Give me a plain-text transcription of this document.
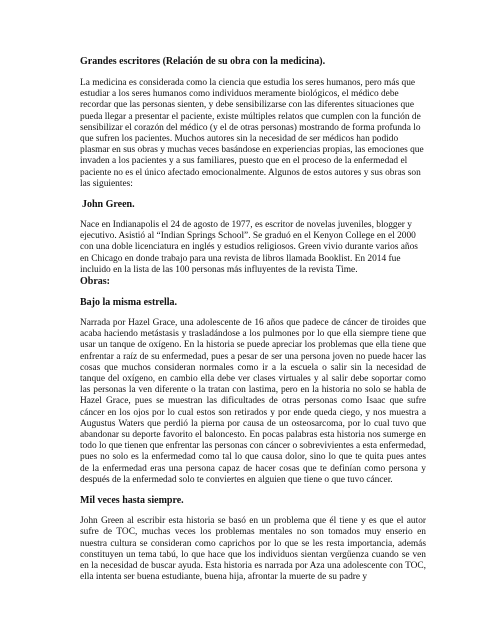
Grandes escritores (Relación de su obra con la medicina).

La medicina es considerada como la ciencia que estudia los seres humanos, pero más que estudiar a los seres humanos como individuos meramente biológicos, el médico debe recordar que las personas sienten, y debe sensibilizarse con las diferentes situaciones que pueda llegar a presentar el paciente, existe múltiples relatos que cumplen con la función de sensibilizar el corazón del médico (y el de otras personas) mostrando de forma profunda lo que sufren los pacientes. Muchos autores sin la necesidad de ser médicos han podido plasmar en sus obras y muchas veces basándose en experiencias propias, las emociones que invaden a los pacientes y a sus familiares, puesto que en el proceso de la enfermedad el paciente no es el único afectado emocionalmente. Algunos de estos autores y sus obras son las siguientes:

John Green.

Nace en Indianapolis el 24 de agosto de 1977, es escritor de novelas juveniles, blogger y ejecutivo. Asistió al “Indian Springs School”. Se graduó en el Kenyon College en el 2000 con una doble licenciatura en inglés y estudios religiosos. Green vivio durante varios años en Chicago en donde trabajo para una revista de libros llamada Booklist. En 2014 fue incluido en la lista de las 100 personas más influyentes de la revista Time.

Obras:

Bajo la misma estrella.

Narrada por Hazel Grace, una adolescente de 16 años que padece de cáncer de tiroides que acaba haciendo metástasis y trasladándose a los pulmones por lo que ella siempre tiene que usar un tanque de oxígeno. En la historia se puede apreciar los problemas que ella tiene que enfrentar a raíz de su enfermedad, pues a pesar de ser una persona joven no puede hacer las cosas que muchos consideran normales como ir a la escuela o salir sin la necesidad de tanque del oxígeno, en cambio ella debe ver clases virtuales y al salir debe soportar como las personas la ven diferente o la tratan con lastima, pero en la historia no solo se habla de Hazel Grace, pues se muestran las dificultades de otras personas como Isaac que sufre cáncer en los ojos por lo cual estos son retirados y por ende queda ciego, y nos muestra a Augustus Waters que perdió la pierna por causa de un osteosarcoma, por lo cual tuvo que abandonar su deporte favorito el baloncesto. En pocas palabras esta historia nos sumerge en todo lo que tienen que enfrentar las personas con cáncer o sobrevivientes a esta enfermedad, pues no solo es la enfermedad como tal lo que causa dolor, sino lo que te quita pues antes de la enfermedad eras una persona capaz de hacer cosas que te definían como persona y después de la enfermedad solo te conviertes en alguien que tiene o que tuvo cáncer.

Mil veces hasta siempre.

John Green al escribir esta historia se basó en un problema que él tiene y es que el autor sufre de TOC, muchas veces los problemas mentales no son tomados muy enserio en nuestra cultura se consideran como caprichos por lo que se les resta importancia, además constituyen un tema tabú, lo que hace que los individuos sientan vergüenza cuando se ven en la necesidad de buscar ayuda. Esta historia es narrada por Aza una adolescente con TOC, ella intenta ser buena estudiante, buena hija, afrontar la muerte de su padre y
